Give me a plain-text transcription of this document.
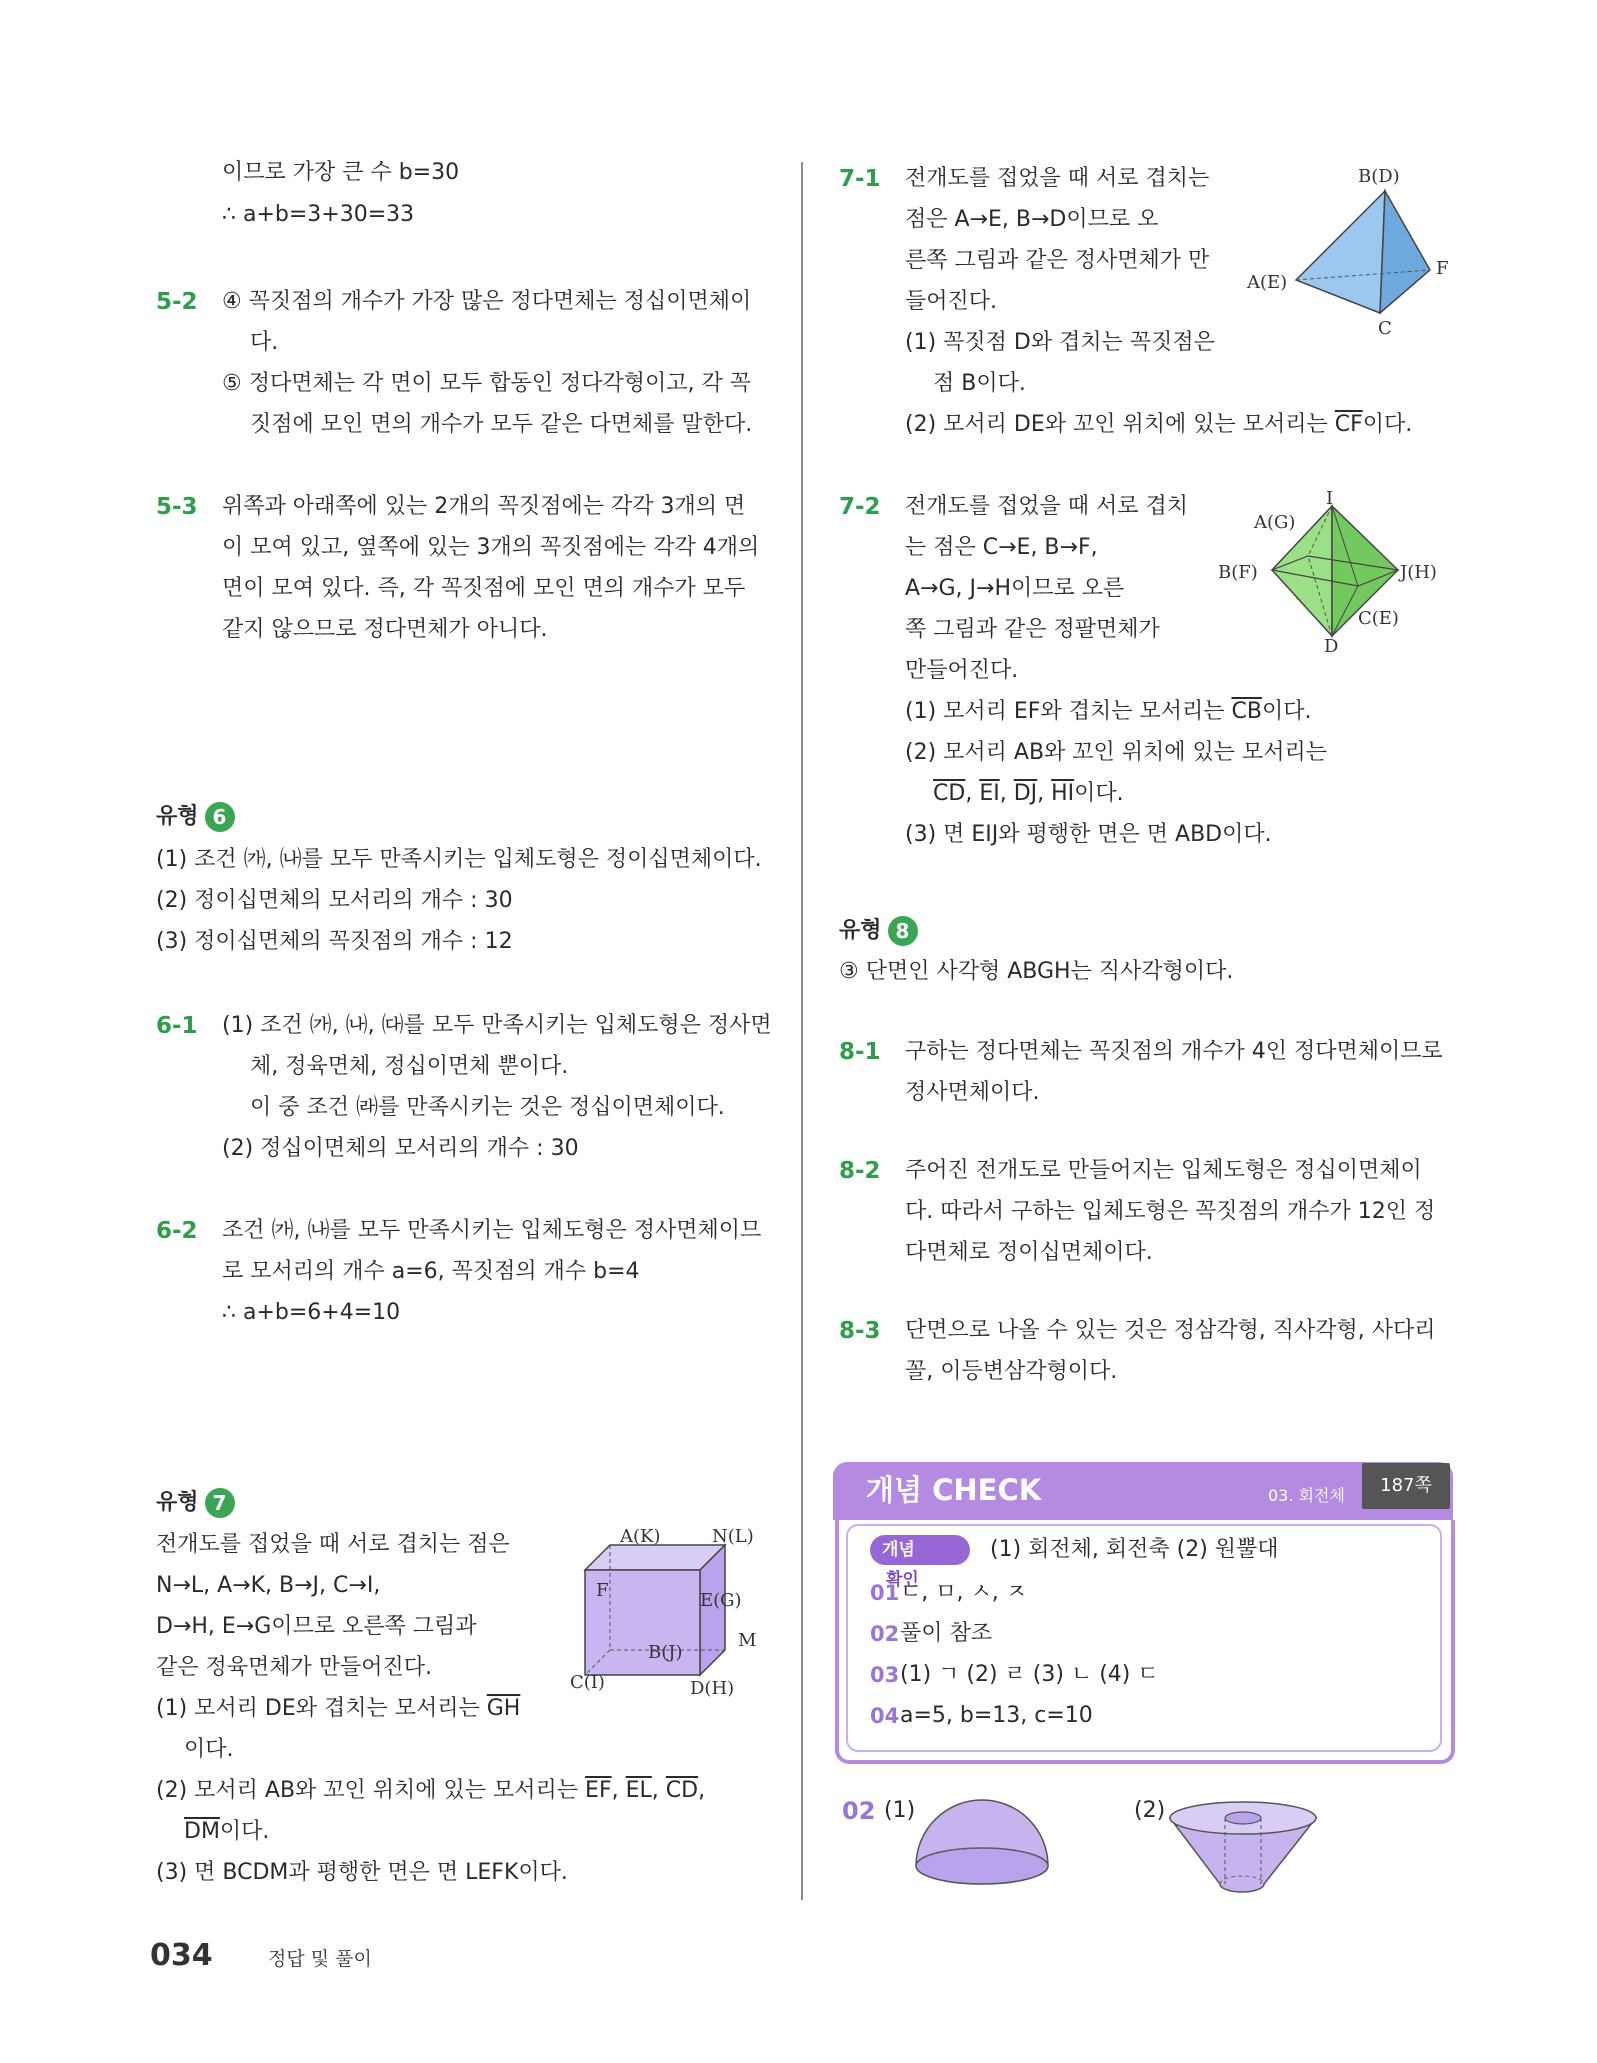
이므로 가장 큰 수 b=30
∴ a+b=3+30=33
5-2 ④ 꼭짓점의 개수가 가장 많은 정다면체는 정십이면체이
다.
⑤ 정다면체는 각 면이 모두 합동인 정다각형이고, 각 꼭
짓점에 모인 면의 개수가 모두 같은 다면체를 말한다.
5-3 위쪽과 아래쪽에 있는 2개의 꼭짓점에는 각각 3개의 면
이 모여 있고, 옆쪽에 있는 3개의 꼭짓점에는 각각 4개의
면이 모여 있다. 즉, 각 꼭짓점에 모인 면의 개수가 모두
같지 않으므로 정다면체가 아니다.
유형 6
(1) 조건 ㈎, ㈏를 모두 만족시키는 입체도형은 정이십면체이다.
(2) 정이십면체의 모서리의 개수 : 30
(3) 정이십면체의 꼭짓점의 개수 : 12
6-1 (1) 조건 ㈎, ㈏, ㈐를 모두 만족시키는 입체도형은 정사면
체, 정육면체, 정십이면체 뿐이다.
이 중 조건 ㈑를 만족시키는 것은 정십이면체이다.
(2) 정십이면체의 모서리의 개수 : 30
6-2 조건 ㈎, ㈏를 모두 만족시키는 입체도형은 정사면체이므
로 모서리의 개수 a=6, 꼭짓점의 개수 b=4
∴ a+b=6+4=10
유형 7
전개도를 접었을 때 서로 겹치는 점은
N→L, A→K, B→J, C→I,
D→H, E→G이므로 오른쪽 그림과
같은 정육면체가 만들어진다.
(1) 모서리 DE와 겹치는 모서리는 $\overline{GH}$
이다.
(2) 모서리 AB와 꼬인 위치에 있는 모서리는 $\overline{EF}$, $\overline{EL}$, $\overline{CD}$,
$\overline{DM}$이다.
(3) 면 BCDM과 평행한 면은 면 LEFK이다.
A(K)	N(L)
F	E(G)
M
B(J)
C(I)	D(H)
7-1 전개도를 접었을 때 서로 겹치는
점은 A→E, B→D이므로 오
른쪽 그림과 같은 정사면체가 만
들어진다.
(1) 꼭짓점 D와 겹치는 꼭짓점은
점 B이다.
(2) 모서리 DE와 꼬인 위치에 있는 모서리는 $\overline{CF}$이다.
B(D)
A(E)
F
C
7-2 전개도를 접었을 때 서로 겹치
는 점은 C→E, B→F,
A→G, J→H이므로 오른
쪽 그림과 같은 정팔면체가
만들어진다.
(1) 모서리 EF와 겹치는 모서리는 $\overline{CB}$이다.
(2) 모서리 AB와 꼬인 위치에 있는 모서리는
$\overline{CD}$, $\overline{EI}$, $\overline{DJ}$, $\overline{HI}$이다.
(3) 면 EIJ와 평행한 면은 면 ABD이다.
I
A(G)
B(F)	J(H)
C(E)
D
유형 8
③ 단면인 사각형 ABGH는 직사각형이다.
8-1 구하는 정다면체는 꼭짓점의 개수가 4인 정다면체이므로
정사면체이다.
8-2 주어진 전개도로 만들어지는 입체도형은 정십이면체이
다. 따라서 구하는 입체도형은 꼭짓점의 개수가 12인 정
다면체로 정이십면체이다.
8-3 단면으로 나올 수 있는 것은 정삼각형, 직사각형, 사다리
꼴, 이등변삼각형이다.
개념 CHECK	03. 회전체	187쪽
개념확인
(1) 회전체, 회전축 (2) 원뿔대
01 ㄷ, ㅁ, ㅅ, ㅈ
02 풀이 참조
03 (1) ㄱ (2) ㄹ (3) ㄴ (4) ㄷ
04 a=5, b=13, c=10
02 (1)	(2)
034	정답 및 풀이
